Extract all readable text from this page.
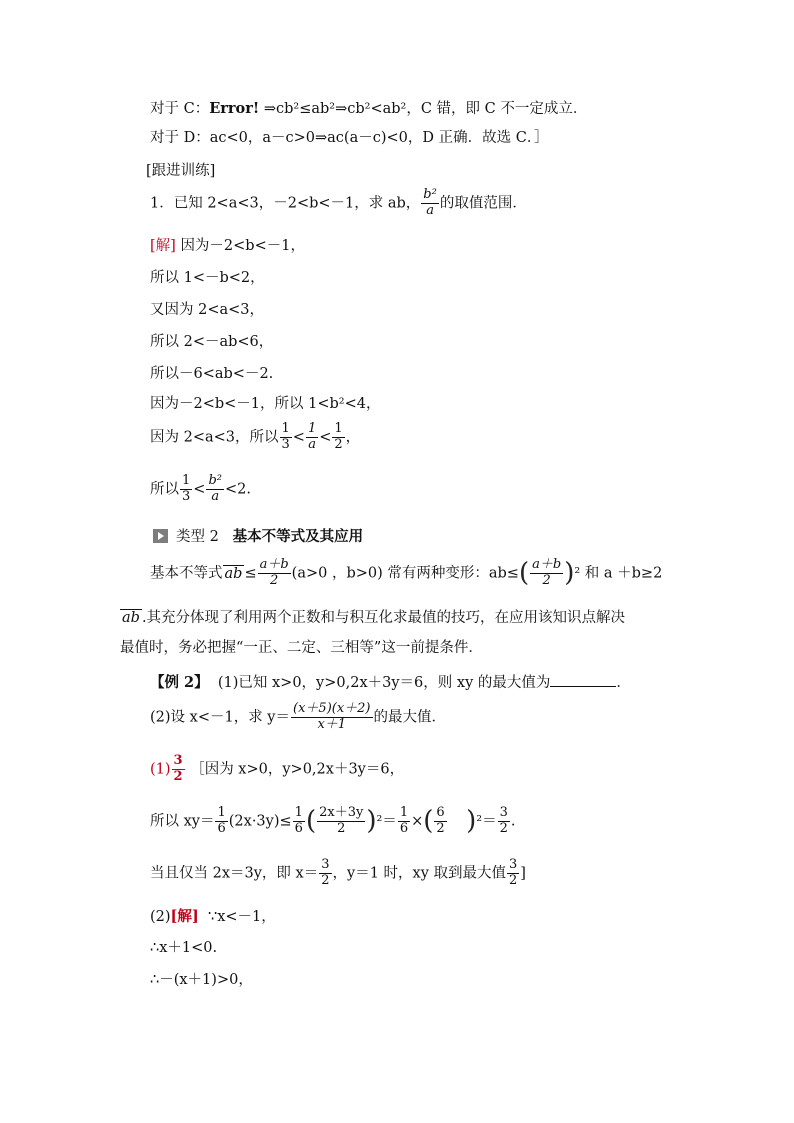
对于 C：Error! ⇒cb²≤ab²⇒cb²<ab²，C 错，即 C 不一定成立．
对于 D：ac<0，a－c>0⇒ac(a－c)<0，D 正确．故选 C．］
[跟进训练]
1．已知 2<a<3，－2<b<－1，求 ab， $\frac{\text{b²}}{a}$ 的取值范围．
[解] 因为－2<b<－1，
所以 1<－b<2，
又因为 2<a<3，
所以 2<－ab<6，
所以－6<ab<－2.
因为－2<b<－1，所以 1<b²<4，
因为 2<a<3，所以 $\frac{1}{3} < \frac{1}{a} < \frac{1}{2}$ ，
所以 $\frac{1}{3} < \frac{\text{b²}}{a} <2$.
类型 2 基本不等式及其应用
基本不等式 ab ≤ $\frac{a+b}{2} (a>0$ ，b>0) 常有两种变形：$ab\le( \frac{a+b}{2} )^2$ 和 a ＋b≥2
ab .其充分体现了利用两个正数和与积互化求最值的技巧，在应用该知识点解决
最值时，务必把握“一正、二定、三相等”这一前提条件．
【例 2】 (1)已知 x>0，y>0,2x＋3y＝6，则 xy 的最大值为	．
(2)设 x<－1，求 $y= \frac{(x+5)(x+2)}{x+1}$ 的最大值．
$(1) \frac{3}{2}$ ［因为 x>0，y>0,2x＋3y＝6，
所以 $xy= \frac{1}{6} (2x\cdot 3y)\le \frac{1}{6}$ ( $\frac{2x+3y}{2} )^2= \frac{1}{6}$ ×( $\frac{6}{2} )^2= \frac{3}{2}$ .
当且仅当 2x＝3y，即 $x= \frac{3}{2}$ ，y＝1 时，xy 取到最大值 $\frac{3}{2}$ ]
(2)[解] ∵x<－1，
∴x＋1<0.
∴－(x＋1)>0，
